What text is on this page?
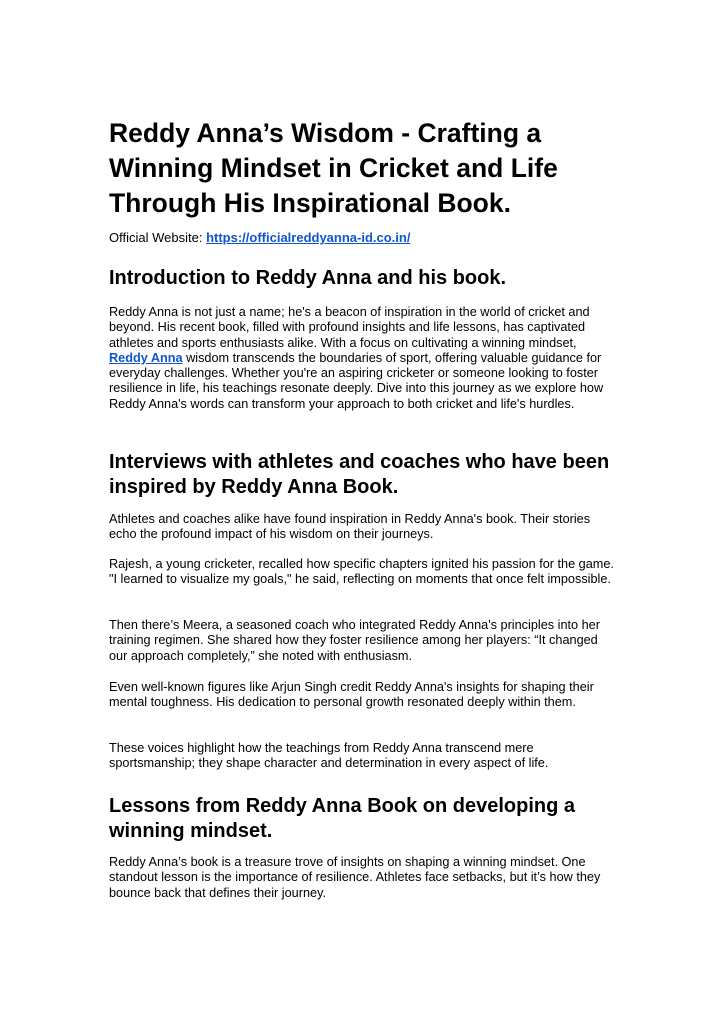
Reddy Anna’s Wisdom - Crafting a Winning Mindset in Cricket and Life Through His Inspirational Book.
Official Website: https://officialreddyanna-id.co.in/
Introduction to Reddy Anna and his book.

Reddy Anna is not just a name; he's a beacon of inspiration in the world of cricket and beyond. His recent book, filled with profound insights and life lessons, has captivated athletes and sports enthusiasts alike. With a focus on cultivating a winning mindset, Reddy Anna wisdom transcends the boundaries of sport, offering valuable guidance for everyday challenges. Whether you're an aspiring cricketer or someone looking to foster resilience in life, his teachings resonate deeply. Dive into this journey as we explore how Reddy Anna's words can transform your approach to both cricket and life's hurdles.

Interviews with athletes and coaches who have been inspired by Reddy Anna Book.

Athletes and coaches alike have found inspiration in Reddy Anna's book. Their stories echo the profound impact of his wisdom on their journeys.

Rajesh, a young cricketer, recalled how specific chapters ignited his passion for the game. "I learned to visualize my goals," he said, reflecting on moments that once felt impossible.

Then there’s Meera, a seasoned coach who integrated Reddy Anna's principles into her training regimen. She shared how they foster resilience among her players: “It changed our approach completely,” she noted with enthusiasm.

Even well-known figures like Arjun Singh credit Reddy Anna's insights for shaping their mental toughness. His dedication to personal growth resonated deeply within them.

These voices highlight how the teachings from Reddy Anna transcend mere sportsmanship; they shape character and determination in every aspect of life.

Lessons from Reddy Anna Book on developing a winning mindset.

Reddy Anna’s book is a treasure trove of insights on shaping a winning mindset. One standout lesson is the importance of resilience. Athletes face setbacks, but it’s how they bounce back that defines their journey.
